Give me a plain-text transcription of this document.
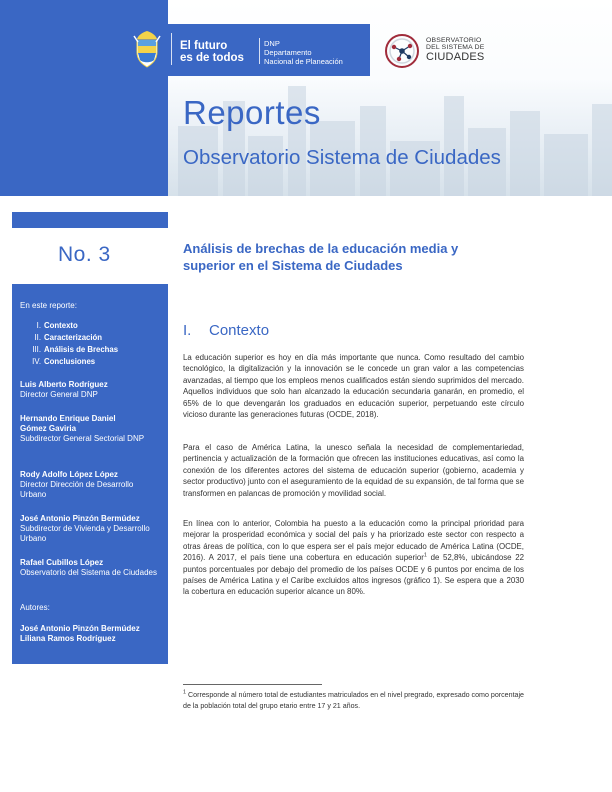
El futuro
es de todos
DNP
Departamento
Nacional de Planeación
OBSERVATORIO
DEL SISTEMA DE
CIUDADES
Reportes
Observatorio Sistema de Ciudades
No. 3	Análisis de brechas de la educación media y superior en el Sistema de Ciudades
En este reporte:
I. Contexto
II. Caracterización
III. Análisis de Brechas
IV. Conclusiones
Luis Alberto Rodríguez
Director General DNP
Hernando Enrique Daniel Gómez Gaviria
Subdirector General Sectorial DNP
Rody Adolfo López López
Director Dirección de Desarrollo Urbano
José Antonio Pinzón Bermúdez
Subdirector de Vivienda y Desarrollo Urbano
Rafael Cubillos López
Observatorio del Sistema de Ciudades
Autores:
José Antonio Pinzón Bermúdez
Liliana Ramos Rodríguez
I. Contexto
La educación superior es hoy en día más importante que nunca. Como resultado del cambio tecnológico, la digitalización y la innovación se le concede un gran valor a las competencias avanzadas, al tiempo que los empleos menos cualificados están siendo suprimidos del mercado. Aquellos individuos que solo han alcanzado la educación secundaria ganarán, en promedio, el 65% de lo que devengarán los graduados en educación superior, perpetuando este círculo vicioso durante las generaciones futuras (OCDE, 2018).
Para el caso de América Latina, la unesco señala la necesidad de complementariedad, pertinencia y actualización de la formación que ofrecen las instituciones educativas, así como la conexión de los diferentes actores del sistema de educación superior (gobierno, academia y sector productivo) junto con el aseguramiento de la equidad de su expansión, de tal forma que se transformen en palancas de promoción y movilidad social.
En línea con lo anterior, Colombia ha puesto a la educación como la principal prioridad para mejorar la prosperidad económica y social del país y ha priorizado este sector con respecto a otras áreas de política, con lo que espera ser el país mejor educado de América Latina (OCDE, 2016). A 2017, el país tiene una cobertura en educación superior$^1$ de 52,8%, ubicándose 22 puntos porcentuales por debajo del promedio de los países OCDE y 6 puntos por encima de los países de América Latina y el Caribe excluidos altos ingresos (gráfico 1). Se espera que a 2030 la cobertura en educación superior alcance un 80%.
$^1$ Corresponde al número total de estudiantes matriculados en el nivel pregrado, expresado como porcentaje de la población total del grupo etario entre 17 y 21 años.
